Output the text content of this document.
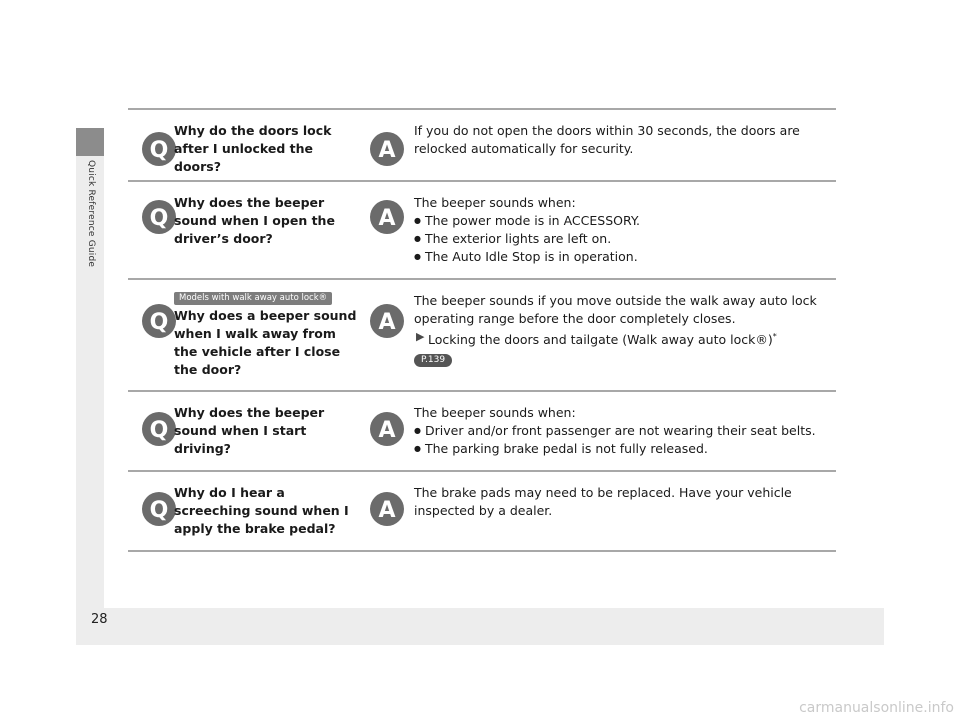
Quick Reference Guide
28
carmanualsonline.info
Q

Why do the doors lock after I unlocked the doors?

A

If you do not open the doors within 30 seconds, the doors are relocked automatically for security.

Q

Why does the beeper sound when I open the driver’s door?

A

The beeper sounds when:

● The power mode is in ACCESSORY.
● The exterior lights are left on.
● The Auto Idle Stop is in operation.
Models with walk away auto lock®
Q Why does a beeper sound when I walk away from the vehicle after I close the door?

A

The beeper sounds if you move outside the walk away auto lock operating range before the door completely closes.

▶ Locking the doors and tailgate (Walk away auto lock®)*

P.139
Q

Why does the beeper sound when I start driving?

A

The beeper sounds when:

● Driver and/or front passenger are not wearing their seat belts.
● The parking brake pedal is not fully released.
Q

Why do I hear a screeching sound when I apply the brake pedal?

A

The brake pads may need to be replaced. Have your vehicle inspected by a dealer.
